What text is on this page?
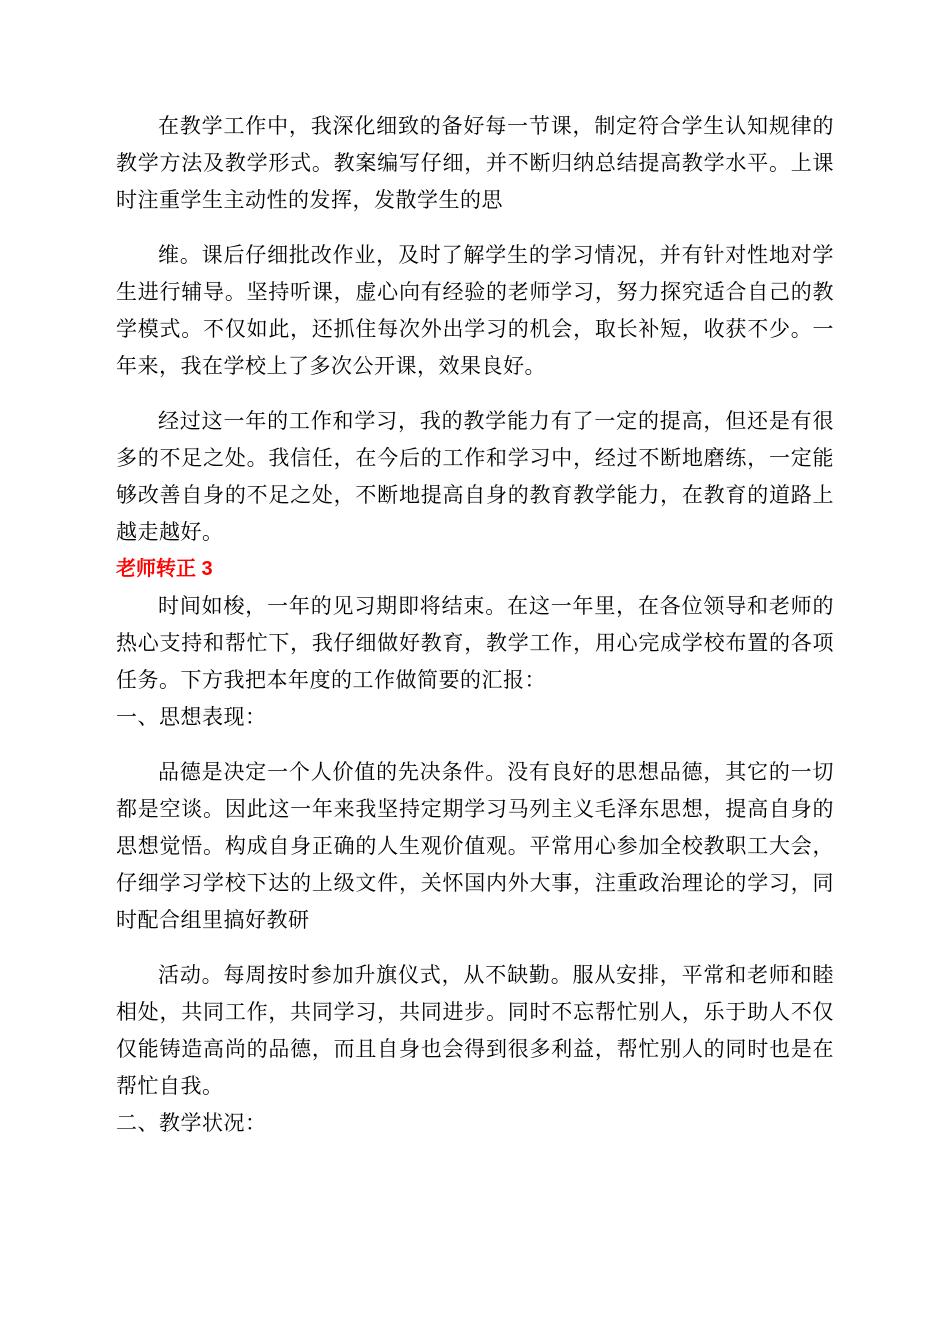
在教学工作中，我深化细致的备好每一节课，制定符合学生认知规律的教学方法及教学形式。教案编写仔细，并不断归纳总结提高教学水平。上课时注重学生主动性的发挥，发散学生的思

维。课后仔细批改作业，及时了解学生的学习情况，并有针对性地对学生进行辅导。坚持听课，虚心向有经验的老师学习，努力探究适合自己的教学模式。不仅如此，还抓住每次外出学习的机会，取长补短，收获不少。一年来，我在学校上了多次公开课，效果良好。

经过这一年的工作和学习，我的教学能力有了一定的提高，但还是有很多的不足之处。我信任，在今后的工作和学习中，经过不断地磨练，一定能够改善自身的不足之处，不断地提高自身的教育教学能力，在教育的道路上越走越好。

老师转正 3

时间如梭，一年的见习期即将结束。在这一年里，在各位领导和老师的热心支持和帮忙下，我仔细做好教育，教学工作，用心完成学校布置的各项任务。下方我把本年度的工作做简要的汇报：

一、思想表现：

品德是决定一个人价值的先决条件。没有良好的思想品德，其它的一切都是空谈。因此这一年来我坚持定期学习马列主义毛泽东思想，提高自身的思想觉悟。构成自身正确的人生观价值观。平常用心参加全校教职工大会，仔细学习学校下达的上级文件，关怀国内外大事，注重政治理论的学习，同时配合组里搞好教研

活动。每周按时参加升旗仪式，从不缺勤。服从安排，平常和老师和睦相处，共同工作，共同学习，共同进步。同时不忘帮忙别人，乐于助人不仅仅能铸造高尚的品德，而且自身也会得到很多利益，帮忙别人的同时也是在帮忙自我。

二、教学状况：
